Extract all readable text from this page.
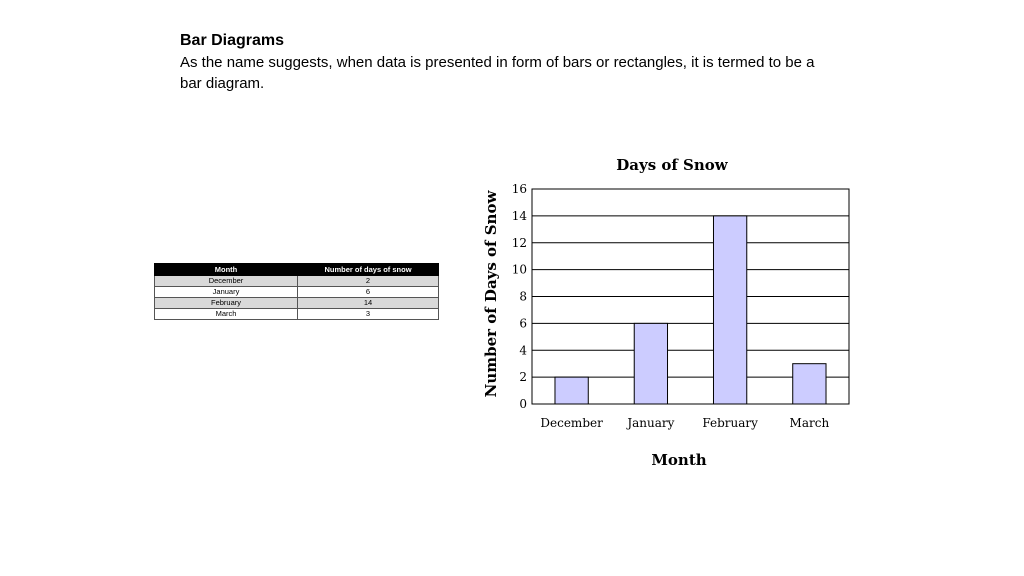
Bar Diagrams
As the name suggests, when data is presented in form of bars or rectangles, it is termed to be a bar diagram.
Month	Number of days of snow
December	2
January	6
February	14
March	3
Days of Snow
Month
Number of Days of Snow
0
2
4
6
8
10
12
14
16
December January February	March
